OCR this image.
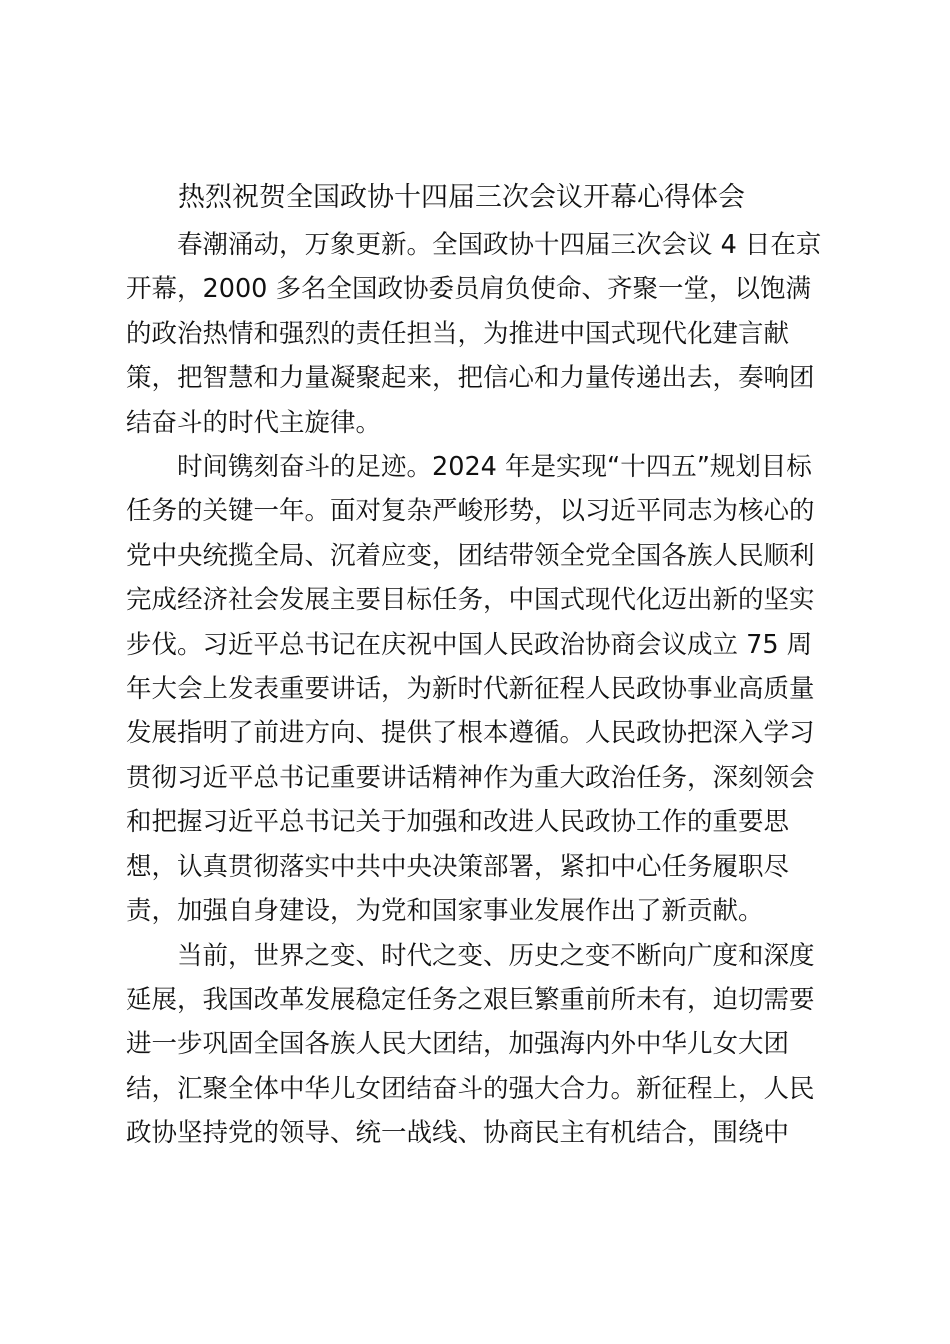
热烈祝贺全国政协十四届三次会议开幕心得体会

春潮涌动，万象更新。全国政协十四届三次会议 4 日在京
开幕，2000 多名全国政协委员肩负使命、齐聚一堂，以饱满
的政治热情和强烈的责任担当，为推进中国式现代化建言献
策，把智慧和力量凝聚起来，把信心和力量传递出去，奏响团
结奋斗的时代主旋律。

时间镌刻奋斗的足迹。2024 年是实现“十四五”规划目标
任务的关键一年。面对复杂严峻形势，以习近平同志为核心的
党中央统揽全局、沉着应变，团结带领全党全国各族人民顺利
完成经济社会发展主要目标任务，中国式现代化迈出新的坚实
步伐。习近平总书记在庆祝中国人民政治协商会议成立 75 周
年大会上发表重要讲话，为新时代新征程人民政协事业高质量
发展指明了前进方向、提供了根本遵循。人民政协把深入学习
贯彻习近平总书记重要讲话精神作为重大政治任务，深刻领会
和把握习近平总书记关于加强和改进人民政协工作的重要思
想，认真贯彻落实中共中央决策部署，紧扣中心任务履职尽
责，加强自身建设，为党和国家事业发展作出了新贡献。

当前，世界之变、时代之变、历史之变不断向广度和深度
延展，我国改革发展稳定任务之艰巨繁重前所未有，迫切需要
进一步巩固全国各族人民大团结，加强海内外中华儿女大团
结，汇聚全体中华儿女团结奋斗的强大合力。新征程上，人民
政协坚持党的领导、统一战线、协商民主有机结合，围绕中
